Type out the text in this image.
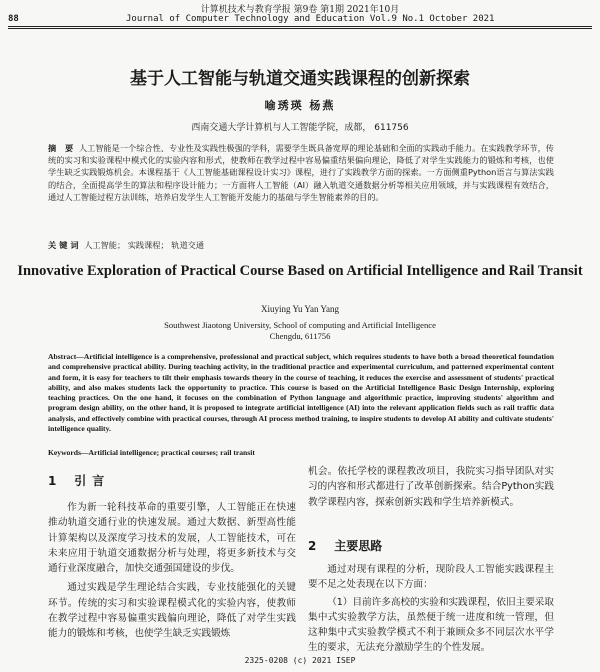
计算机技术与教育学报 第9卷 第1期 2021年10月
88	Journal of Computer Technology and Education Vol.9 No.1 October 2021
基于人工智能与轨道交通实践课程的创新探索
喻琇瑛 杨燕
西南交通大学计算机与人工智能学院，成都， 611756
摘 要 人工智能是一个综合性、专业性及实践性极强的学科，需要学生既具备宽厚的理论基础和全面的实践动手能力。在实践教学环节，传统的实习和实验课程中模式化的实验内容和形式，使教师在教学过程中容易偏重结果偏向理论，降低了对学生实践能力的锻炼和考核，也使学生缺乏实践锻炼机会。本课程基于《人工智能基础课程设计实习》课程，进行了实践教学方面的探索。一方面侧重Python语言与算法实践的结合，全面提高学生的算法和程序设计能力；一方面将人工智能（AI）融入轨道交通数据分析等相关应用领域，并与实践课程有效结合，通过人工智能过程方法训练，培养启发学生人工智能开发能力的基础与学生智能素养的目的。
关键词 人工智能； 实践课程； 轨道交通
Innovative Exploration of Practical Course Based on Artificial Intelligence and Rail Transit
Xiuying Yu Yan Yang
Southwest Jiaotong University, School of computing and Artificial Intelligence
Chengdu, 611756
Abstract—Artificial intelligence is a comprehensive, professional and practical subject, which requires students to have both a broad theoretical foundation and comprehensive practical ability. During teaching activity, in the traditional practice and experimental curriculum, and patterned experimental content and form, it is easy for teachers to tilt their emphasis towards theory in the course of teaching, it reduces the exercise and assessment of students' practical ability, and also makes students lack the opportunity to practice. This course is based on the Artificial Intelligence Basic Design Internship, exploring teaching practices. On the one hand, it focuses on the combination of Python language and algorithmic practice, improving students' algorithm and program design ability, on the other hand, it is proposed to integrate artificial intelligence (AI) into the relevant application fields such as rail traffic data analysis, and effectively combine with practical courses, through AI process method training, to inspire students to develop AI ability and cultivate students' intelligence quality.
Keywords—Artificial intelligence; practical courses; rail transit
1 引言

作为新一轮科技革命的重要引擎，人工智能正在快速推动轨道交通行业的快速发展。通过大数据、新型高性能计算架构以及深度学习技术的发展，人工智能技术，可在未来应用于轨道交通数据分析与处理，将更多新技术与交通行业深度融合，加快交通强国建设的步伐。

通过实践是学生理论结合实践，专业技能强化的关键环节。传统的实习和实验课程模式化的实验内容，使教师在教学过程中容易偏重实践偏向理论，降低了对学生实践能力的锻炼和考核，也使学生缺乏实践锻炼

机会。依托学校的课程教改项目，我院实习指导团队对实习的内容和形式都进行了改革创新探索。结合Python实践教学课程内容，探索创新实践和学生培养新模式。

2 主要思路

通过对现有课程的分析，现阶段人工智能实践课程主要不足之处表现在以下方面：

（1）目前许多高校的实验和实践课程，依旧主要采取集中式实验教学方法，虽然便于统一进度和统一管理，但这种集中式实验教学模式不利于兼顾众多不同层次水平学生的要求，无法充分激励学生的个性发展。

2325-0208 (c) 2021 ISEP
